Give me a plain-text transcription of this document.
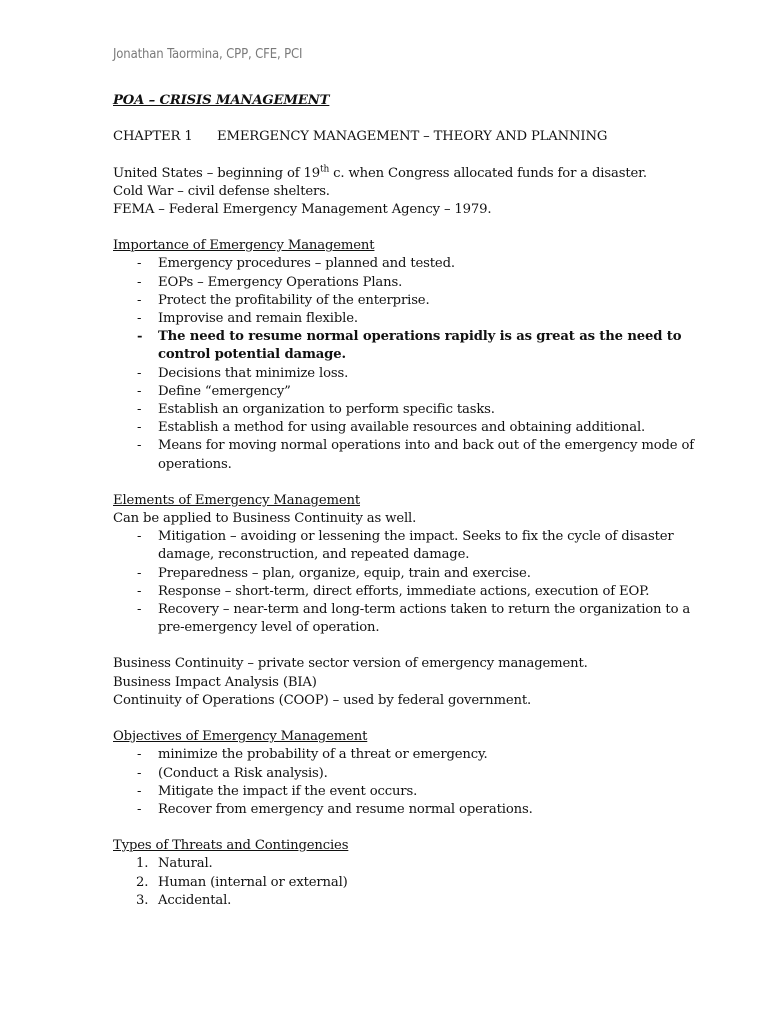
Jonathan Taormina, CPP, CFE, PCI
POA – CRISIS MANAGEMENT
CHAPTER 1 EMERGENCY MANAGEMENT – THEORY AND PLANNING

United States – beginning of 19th c. when Congress allocated funds for a disaster.

Cold War – civil defense shelters.

FEMA – Federal Emergency Management Agency – 1979.

Importance of Emergency Management
- Emergency procedures – planned and tested.
- EOPs – Emergency Operations Plans.
- Protect the profitability of the enterprise.
- Improvise and remain flexible.
- The need to resume normal operations rapidly is as great as the need to control potential damage.
- Decisions that minimize loss.
- Define “emergency”
- Establish an organization to perform specific tasks.
- Establish a method for using available resources and obtaining additional.
- Means for moving normal operations into and back out of the emergency mode of operations.
Elements of Emergency Management

Can be applied to Business Continuity as well.

- Mitigation – avoiding or lessening the impact. Seeks to fix the cycle of disaster damage, reconstruction, and repeated damage.
- Preparedness – plan, organize, equip, train and exercise.
- Response – short-term, direct efforts, immediate actions, execution of EOP.
- Recovery – near-term and long-term actions taken to return the organization to a pre-emergency level of operation.

Business Continuity – private sector version of emergency management.

Business Impact Analysis (BIA)

Continuity of Operations (COOP) – used by federal government.

Objectives of Emergency Management
- minimize the probability of a threat or emergency.
- (Conduct a Risk analysis).
- Mitigate the impact if the event occurs.
- Recover from emergency and resume normal operations.
Types of Threats and Contingencies
1. Natural.
2. Human (internal or external)
3. Accidental.
